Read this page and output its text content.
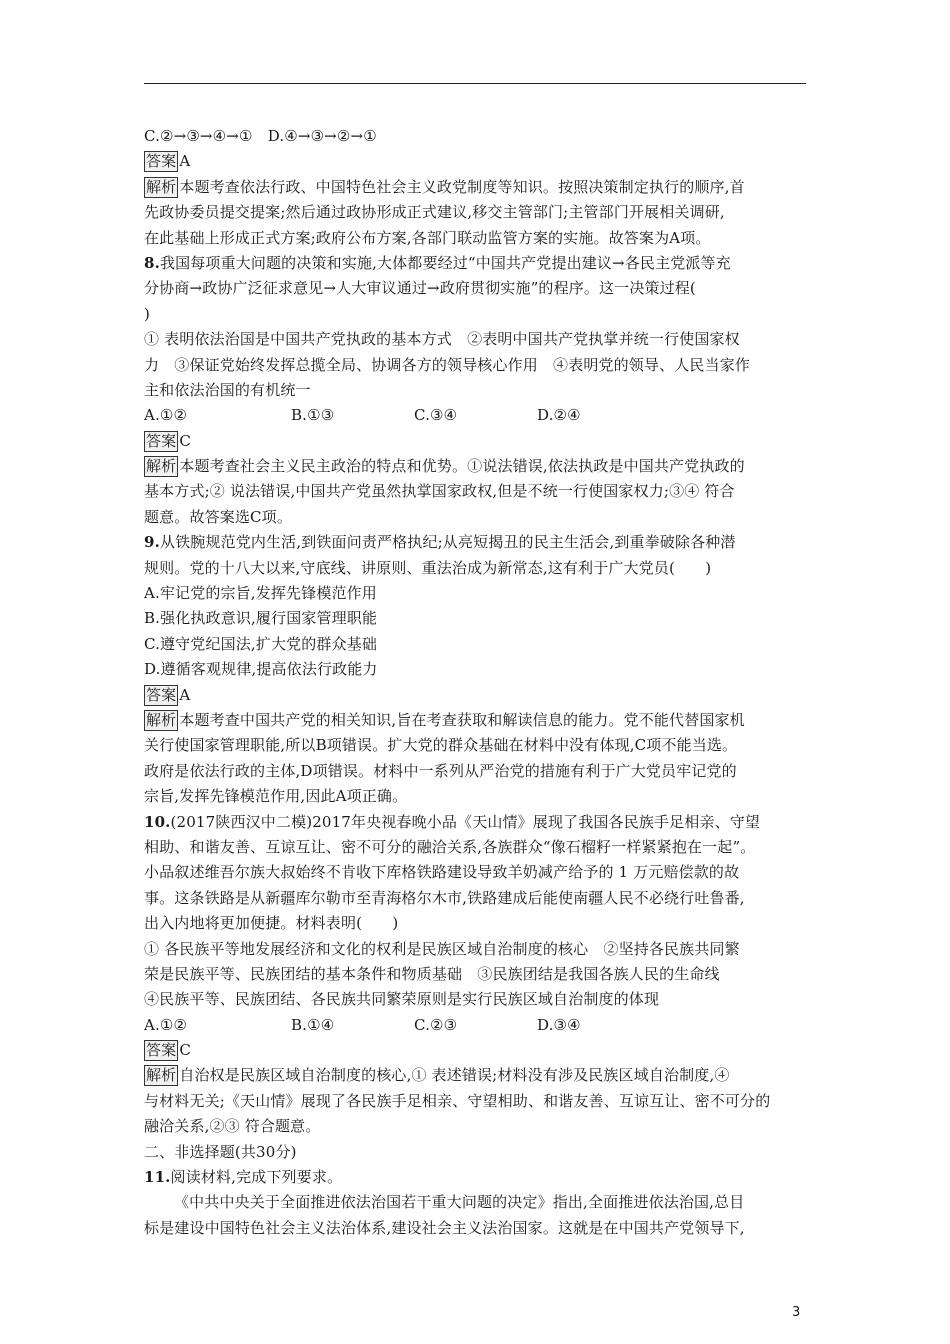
C.②→③→④→①　D.④→③→②→①
答案 A
解析 本题考查依法行政、中国特色社会主义政党制度等知识。按照决策制定执行的顺序,首
先政协委员提交提案;然后通过政协形成正式建议,移交主管部门;主管部门开展相关调研,
在此基础上形成正式方案;政府公布方案,各部门联动监管方案的实施。故答案为A项。
8.我国每项重大问题的决策和实施,大体都要经过“中国共产党提出建议→各民主党派等充
分协商→政协广泛征求意见→人大审议通过→政府贯彻实施”的程序。这一决策过程(
)
① 表明依法治国是中国共产党执政的基本方式　②表明中国共产党执掌并统一行使国家权
力　③保证党始终发挥总揽全局、协调各方的领导核心作用　④表明党的领导、人民当家作
主和依法治国的有机统一
A.①②	B.①③	C.③④	D.②④
答案 C
解析 本题考查社会主义民主政治的特点和优势。①说法错误,依法执政是中国共产党执政的
基本方式;② 说法错误,中国共产党虽然执掌国家政权,但是不统一行使国家权力;③④ 符合
题意。故答案选C项。
9.从铁腕规范党内生活,到铁面问责严格执纪;从亮短揭丑的民主生活会,到重拳破除各种潜
规则。党的十八大以来,守底线、讲原则、重法治成为新常态,这有利于广大党员(　　)
A.牢记党的宗旨,发挥先锋模范作用
B.强化执政意识,履行国家管理职能
C.遵守党纪国法,扩大党的群众基础
D.遵循客观规律,提高依法行政能力
答案 A
解析 本题考查中国共产党的相关知识,旨在考查获取和解读信息的能力。党不能代替国家机
关行使国家管理职能,所以B项错误。扩大党的群众基础在材料中没有体现,C项不能当选。
政府是依法行政的主体,D项错误。材料中一系列从严治党的措施有利于广大党员牢记党的
宗旨,发挥先锋模范作用,因此A项正确。
10.(2017陕西汉中二模)2017年央视春晚小品《天山情》展现了我国各民族手足相亲、守望
相助、和谐友善、互谅互让、密不可分的融洽关系,各族群众“像石榴籽一样紧紧抱在一起”。
小品叙述维吾尔族大叔始终不肯收下库格铁路建设导致羊奶减产给予的 1 万元赔偿款的故
事。这条铁路是从新疆库尔勒市至青海格尔木市,铁路建成后能使南疆人民不必绕行吐鲁番,
出入内地将更加便捷。材料表明(　　)
① 各民族平等地发展经济和文化的权利是民族区域自治制度的核心　②坚持各民族共同繁
荣是民族平等、民族团结的基本条件和物质基础　③民族团结是我国各族人民的生命线
④民族平等、民族团结、各民族共同繁荣原则是实行民族区域自治制度的体现
A.①②	B.①④	C.②③	D.③④
答案 C
解析 自治权是民族区域自治制度的核心,① 表述错误;材料没有涉及民族区域自治制度,④
与材料无关;《天山情》展现了各民族手足相亲、守望相助、和谐友善、互谅互让、密不可分的
融洽关系,②③ 符合题意。
二、非选择题(共30分)
11.阅读材料,完成下列要求。
《中共中央关于全面推进依法治国若干重大问题的决定》指出,全面推进依法治国,总目
标是建设中国特色社会主义法治体系,建设社会主义法治国家。这就是在中国共产党领导下,
3
